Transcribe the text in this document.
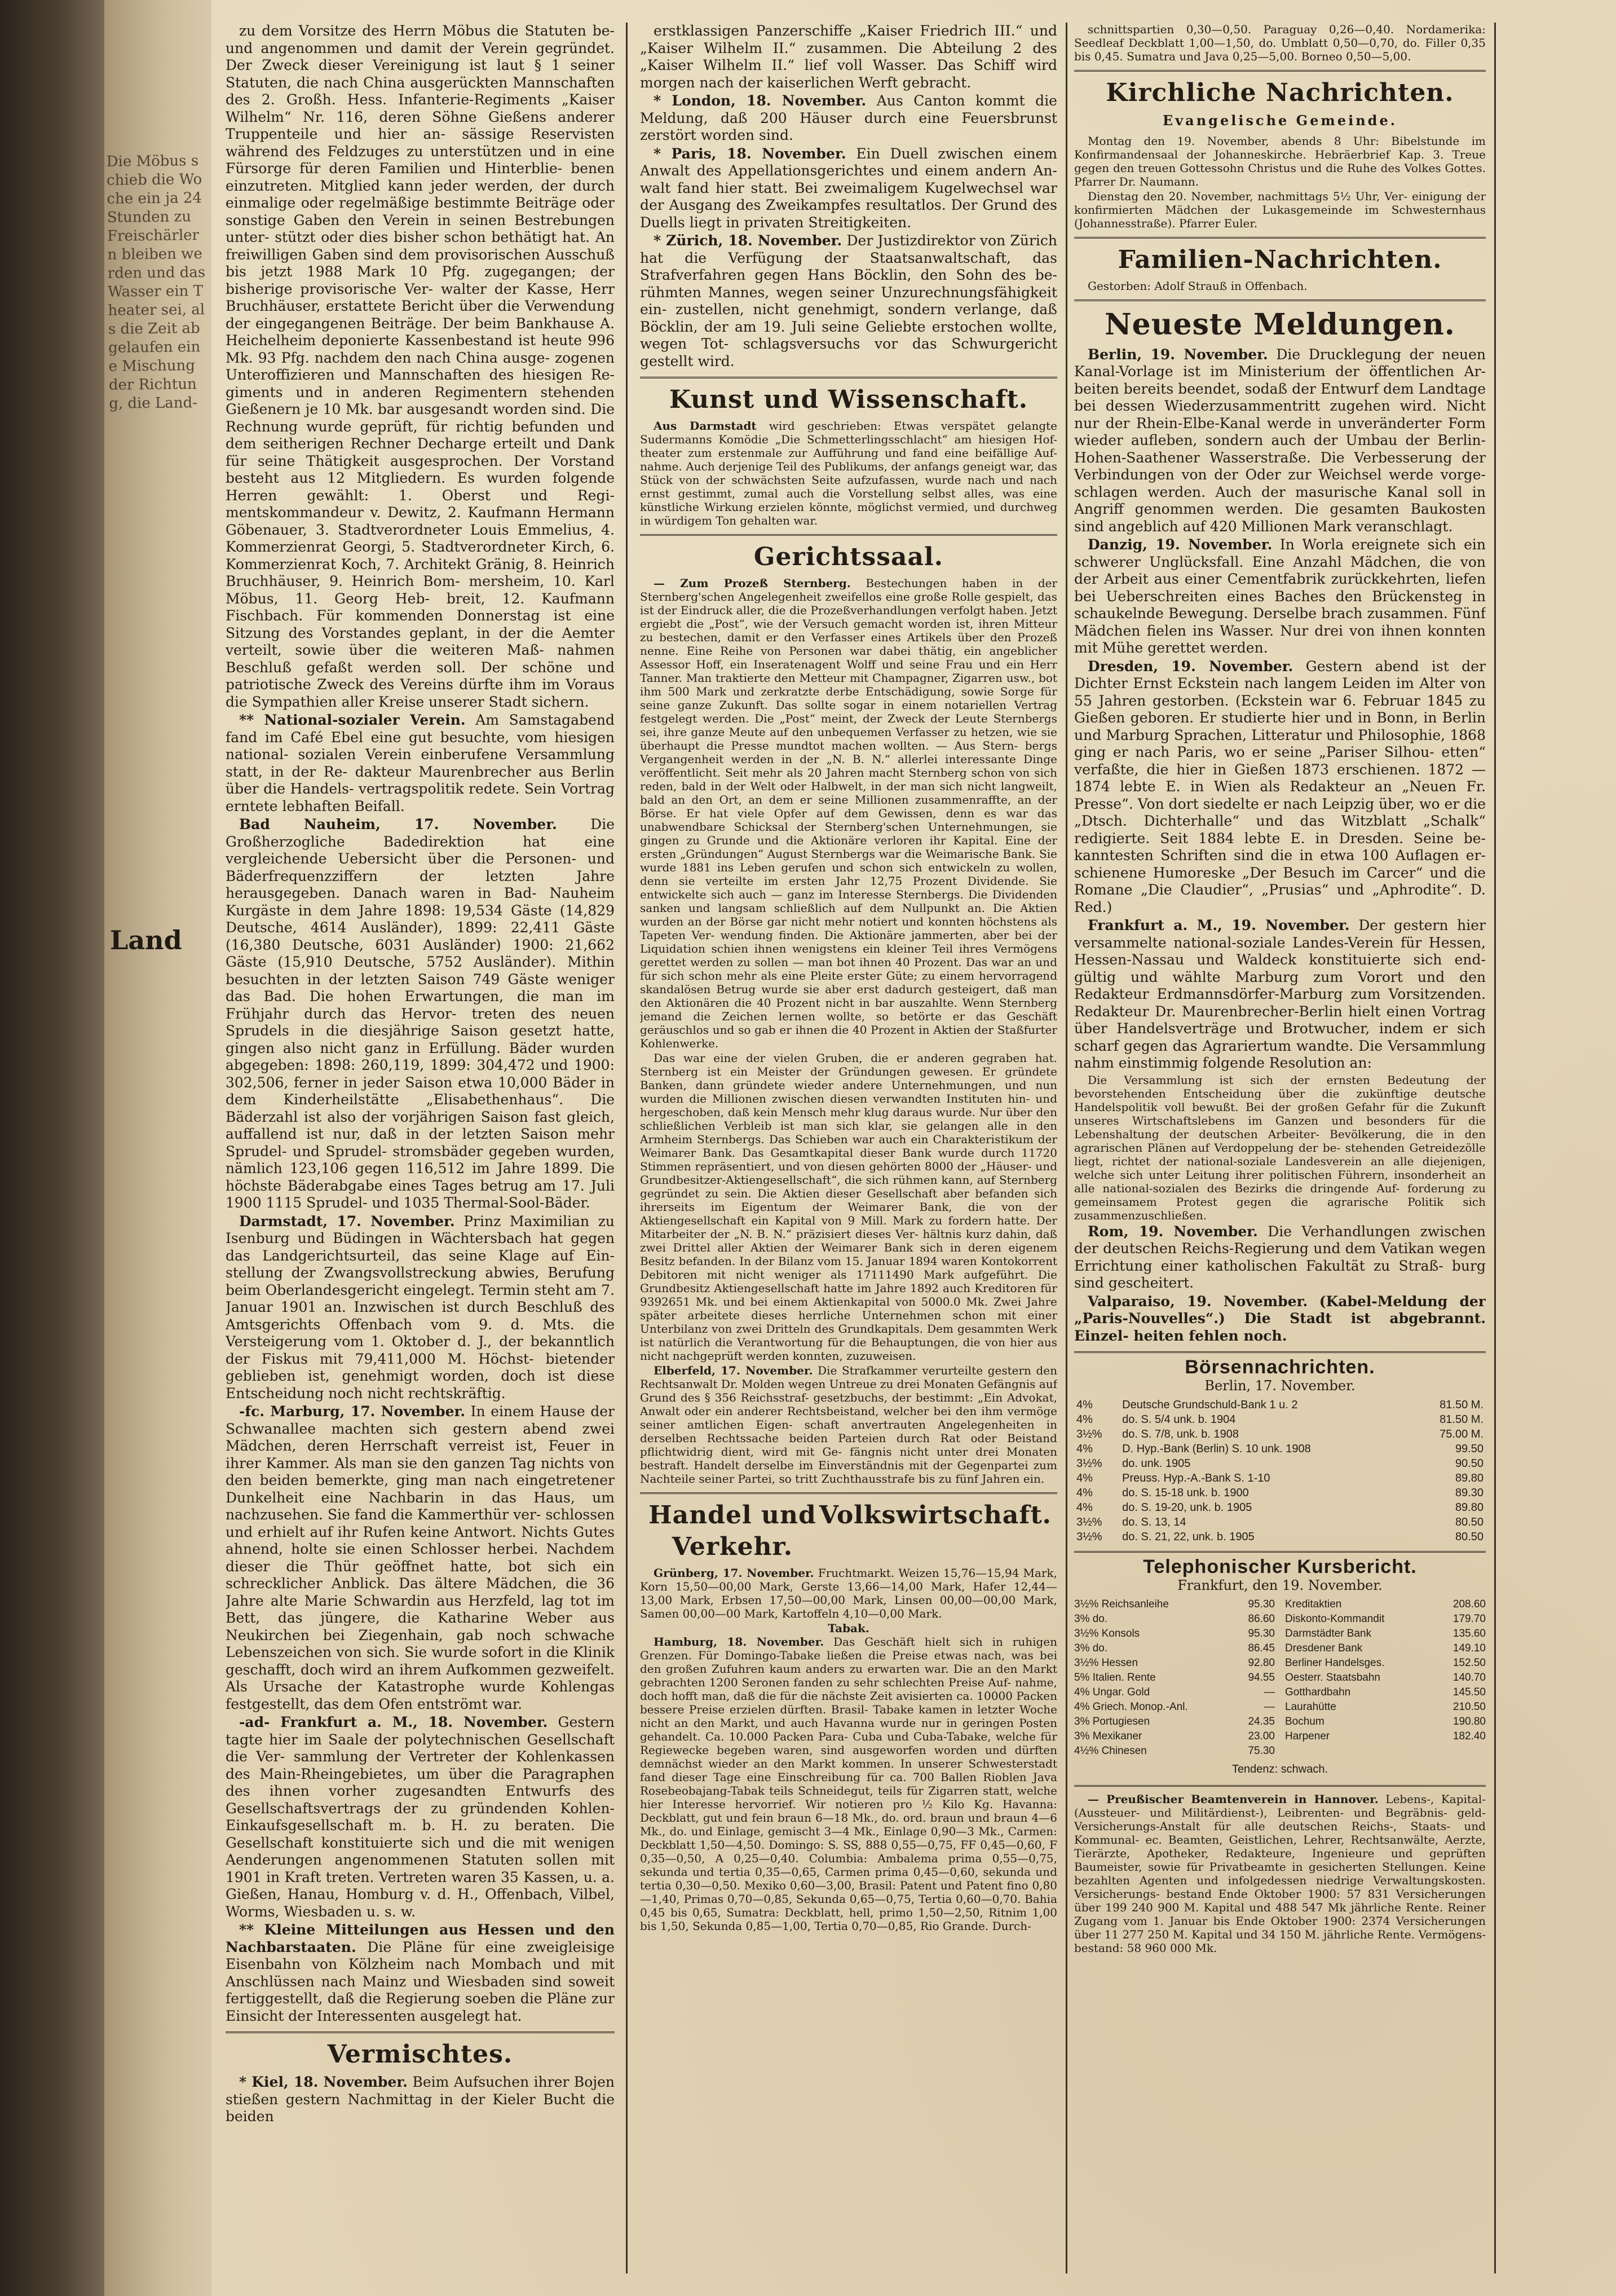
Die Möbus schieb die Woche ein ja 24 Stunden zu Freischärlern bleiben werden und das Wasser ein Theater sei, als die Zeit abgelaufen eine Mischung der Richtung, die Land-
Land

zu dem Vorsitze des Herrn Möbus die Statuten be- und angenommen und damit der Verein gegründet. Der Zweck dieser Vereinigung ist laut § 1 seiner Statuten, die nach China ausgerückten Mannschaften des 2. Großh. Hess. Infanterie-Regiments „Kaiser Wilhelm“ Nr. 116, deren Söhne Gießens anderer Truppenteile und hier an- sässige Reservisten während des Feldzuges zu unterstützen und in eine Fürsorge für deren Familien und Hinterblie- benen einzutreten. Mitglied kann jeder werden, der durch einmalige oder regelmäßige bestimmte Beiträge oder sonstige Gaben den Verein in seinen Bestrebungen unter- stützt oder dies bisher schon bethätigt hat. An freiwilligen Gaben sind dem provisorischen Ausschuß bis jetzt 1988 Mark 10 Pfg. zugegangen; der bisherige provisorische Ver- walter der Kasse, Herr Bruchhäuser, erstattete Bericht über die Verwendung der eingegangenen Beiträge. Der beim Bankhause A. Heichelheim deponierte Kassenbestand ist heute 996 Mk. 93 Pfg. nachdem den nach China ausge- zogenen Unteroffizieren und Mannschaften des hiesigen Re- giments und in anderen Regimentern stehenden Gießenern je 10 Mk. bar ausgesandt worden sind. Die Rechnung wurde geprüft, für richtig befunden und dem seitherigen Rechner Decharge erteilt und Dank für seine Thätigkeit ausgesprochen. Der Vorstand besteht aus 12 Mitgliedern. Es wurden folgende Herren gewählt: 1. Oberst und Regi- mentskommandeur v. Dewitz, 2. Kaufmann Hermann Göbenauer, 3. Stadtverordneter Louis Emmelius, 4. Kommerzienrat Georgi, 5. Stadtverordneter Kirch, 6. Kommerzienrat Koch, 7. Architekt Gränig, 8. Heinrich Bruchhäuser, 9. Heinrich Bom- mersheim, 10. Karl Möbus, 11. Georg Heb- breit, 12. Kaufmann Fischbach. Für kommenden Donnerstag ist eine Sitzung des Vorstandes geplant, in der die Aemter verteilt, sowie über die weiteren Maß- nahmen Beschluß gefaßt werden soll. Der schöne und patriotische Zweck des Vereins dürfte ihm im Voraus die Sympathien aller Kreise unserer Stadt sichern.

** National-sozialer Verein. Am Samstagabend fand im Café Ebel eine gut besuchte, vom hiesigen national- sozialen Verein einberufene Versammlung statt, in der Re- dakteur Maurenbrecher aus Berlin über die Handels- vertragspolitik redete. Sein Vortrag erntete lebhaften Beifall.

Bad Nauheim, 17. November. Die Großherzogliche Badedirektion hat eine vergleichende Uebersicht über die Personen- und Bäderfrequenzziffern der letzten Jahre herausgegeben. Danach waren in Bad- Nauheim Kurgäste in dem Jahre 1898: 19,534 Gäste (14,829 Deutsche, 4614 Ausländer), 1899: 22,411 Gäste (16,380 Deutsche, 6031 Ausländer) 1900: 21,662 Gäste (15,910 Deutsche, 5752 Ausländer). Mithin besuchten in der letzten Saison 749 Gäste weniger das Bad. Die hohen Erwartungen, die man im Frühjahr durch das Hervor- treten des neuen Sprudels in die diesjährige Saison gesetzt hatte, gingen also nicht ganz in Erfüllung. Bäder wurden abgegeben: 1898: 260,119, 1899: 304,472 und 1900: 302,506, ferner in jeder Saison etwa 10,000 Bäder in dem Kinderheilstätte „Elisabethenhaus“. Die Bäderzahl ist also der vorjährigen Saison fast gleich, auffallend ist nur, daß in der letzten Saison mehr Sprudel- und Sprudel- stromsbäder gegeben wurden, nämlich 123,106 gegen 116,512 im Jahre 1899. Die höchste Bäderabgabe eines Tages betrug am 17. Juli 1900 1115 Sprudel- und 1035 Thermal-Sool-Bäder.

Darmstadt, 17. November. Prinz Maximilian zu Isenburg und Büdingen in Wächtersbach hat gegen das Landgerichtsurteil, das seine Klage auf Ein- stellung der Zwangsvollstreckung abwies, Berufung beim Oberlandesgericht eingelegt. Termin steht am 7. Januar 1901 an. Inzwischen ist durch Beschluß des Amtsgerichts Offenbach vom 9. d. Mts. die Versteigerung vom 1. Oktober d. J., der bekanntlich der Fiskus mit 79,411,000 M. Höchst- bietender geblieben ist, genehmigt worden, doch ist diese Entscheidung noch nicht rechtskräftig.

-fc. Marburg, 17. November. In einem Hause der Schwanallee machten sich gestern abend zwei Mädchen, deren Herrschaft verreist ist, Feuer in ihrer Kammer. Als man sie den ganzen Tag nichts von den beiden bemerkte, ging man nach eingetretener Dunkelheit eine Nachbarin in das Haus, um nachzusehen. Sie fand die Kammerthür ver- schlossen und erhielt auf ihr Rufen keine Antwort. Nichts Gutes ahnend, holte sie einen Schlosser herbei. Nachdem dieser die Thür geöffnet hatte, bot sich ein schrecklicher Anblick. Das ältere Mädchen, die 36 Jahre alte Marie Schwardin aus Herzfeld, lag tot im Bett, das jüngere, die Katharine Weber aus Neukirchen bei Ziegenhain, gab noch schwache Lebenszeichen von sich. Sie wurde sofort in die Klinik geschafft, doch wird an ihrem Aufkommen gezweifelt. Als Ursache der Katastrophe wurde Kohlengas festgestellt, das dem Ofen entströmt war.

-ad- Frankfurt a. M., 18. November. Gestern tagte hier im Saale der polytechnischen Gesellschaft die Ver- sammlung der Vertreter der Kohlenkassen des Main-Rheingebietes, um über die Paragraphen des ihnen vorher zugesandten Entwurfs des Gesellschaftsvertrags der zu gründenden Kohlen-Einkaufsgesellschaft m. b. H. zu beraten. Die Gesellschaft konstituierte sich und die mit wenigen Aenderungen angenommenen Statuten sollen mit 1901 in Kraft treten. Vertreten waren 35 Kassen, u. a. Gießen, Hanau, Homburg v. d. H., Offenbach, Vilbel, Worms, Wiesbaden u. s. w.

** Kleine Mitteilungen aus Hessen und den Nachbarstaaten. Die Pläne für eine zweigleisige Eisenbahn von Kölzheim nach Mombach und mit Anschlüssen nach Mainz und Wiesbaden sind soweit fertiggestellt, daß die Regierung soeben die Pläne zur Einsicht der Interessenten ausgelegt hat.

Vermischtes.

* Kiel, 18. November. Beim Aufsuchen ihrer Bojen stießen gestern Nachmittag in der Kieler Bucht die beiden

erstklassigen Panzerschiffe „Kaiser Friedrich III.“ und „Kaiser Wilhelm II.“ zusammen. Die Abteilung 2 des „Kaiser Wilhelm II.“ lief voll Wasser. Das Schiff wird morgen nach der kaiserlichen Werft gebracht.

* London, 18. November. Aus Canton kommt die Meldung, daß 200 Häuser durch eine Feuersbrunst zerstört worden sind.

* Paris, 18. November. Ein Duell zwischen einem Anwalt des Appellationsgerichtes und einem andern An- walt fand hier statt. Bei zweimaligem Kugelwechsel war der Ausgang des Zweikampfes resultatlos. Der Grund des Duells liegt in privaten Streitigkeiten.

* Zürich, 18. November. Der Justizdirektor von Zürich hat die Verfügung der Staatsanwaltschaft, das Strafverfahren gegen Hans Böcklin, den Sohn des be- rühmten Mannes, wegen seiner Unzurechnungsfähigkeit ein- zustellen, nicht genehmigt, sondern verlange, daß Böcklin, der am 19. Juli seine Geliebte erstochen wollte, wegen Tot- schlagsversuchs vor das Schwurgericht gestellt wird.

Kunst und Wissenschaft.

Aus Darmstadt wird geschrieben: Etwas verspätet gelangte Sudermanns Komödie „Die Schmetterlingsschlacht“ am hiesigen Hof- theater zum erstenmale zur Aufführung und fand eine beifällige Auf- nahme. Auch derjenige Teil des Publikums, der anfangs geneigt war, das Stück von der schwächsten Seite aufzufassen, wurde nach und nach ernst gestimmt, zumal auch die Vorstellung selbst alles, was eine künstliche Wirkung erzielen könnte, möglichst vermied, und durchweg in würdigem Ton gehalten war.

Gerichtssaal.

— Zum Prozeß Sternberg. Bestechungen haben in der Sternberg'schen Angelegenheit zweifellos eine große Rolle gespielt, das ist der Eindruck aller, die die Prozeßverhandlungen verfolgt haben. Jetzt ergiebt die „Post“, wie der Versuch gemacht worden ist, ihren Mitteur zu bestechen, damit er den Verfasser eines Artikels über den Prozeß nenne. Eine Reihe von Personen war dabei thätig, ein angeblicher Assessor Hoff, ein Inseratenagent Wolff und seine Frau und ein Herr Tanner. Man traktierte den Metteur mit Champagner, Zigarren usw., bot ihm 500 Mark und zerkratzte derbe Entschädigung, sowie Sorge für seine ganze Zukunft. Das sollte sogar in einem notariellen Vertrag festgelegt werden. Die „Post“ meint, der Zweck der Leute Sternbergs sei, ihre ganze Meute auf den unbequemen Verfasser zu hetzen, wie sie überhaupt die Presse mundtot machen wollten. — Aus Stern- bergs Vergangenheit werden in der „N. B. N.“ allerlei interessante Dinge veröffentlicht. Seit mehr als 20 Jahren macht Sternberg schon von sich reden, bald in der Welt oder Halbwelt, in der man sich nicht langweilt, bald an den Ort, an dem er seine Millionen zusammenraffte, an der Börse. Er hat viele Opfer auf dem Gewissen, denn es war das unabwendbare Schicksal der Sternberg'schen Unternehmungen, sie gingen zu Grunde und die Aktionäre verloren ihr Kapital. Eine der ersten „Gründungen“ August Sternbergs war die Weimarische Bank. Sie wurde 1881 ins Leben gerufen und schon sich entwickeln zu wollen, denn sie verteilte im ersten Jahr 12,75 Prozent Dividende. Sie entwickelte sich auch — ganz im Interesse Sternbergs. Die Dividenden sanken und langsam schließlich auf dem Nullpunkt an. Die Aktien wurden an der Börse gar nicht mehr notiert und konnten höchstens als Tapeten Ver- wendung finden. Die Aktionäre jammerten, aber bei der Liquidation schien ihnen wenigstens ein kleiner Teil ihres Vermögens gerettet werden zu sollen — man bot ihnen 40 Prozent. Das war an und für sich schon mehr als eine Pleite erster Güte; zu einem hervorragend skandalösen Betrug wurde sie aber erst dadurch gesteigert, daß man den Aktionären die 40 Prozent nicht in bar auszahlte. Wenn Sternberg jemand die Zeichen lernen wollte, so betörte er das Geschäft geräuschlos und so gab er ihnen die 40 Prozent in Aktien der Staßfurter Kohlenwerke.

Das war eine der vielen Gruben, die er anderen gegraben hat. Sternberg ist ein Meister der Gründungen gewesen. Er gründete Banken, dann gründete wieder andere Unternehmungen, und nun wurden die Millionen zwischen diesen verwandten Instituten hin- und hergeschoben, daß kein Mensch mehr klug daraus wurde. Nur über den schließlichen Verbleib ist man sich klar, sie gelangen alle in den Armheim Sternbergs. Das Schieben war auch ein Charakteristikum der Weimarer Bank. Das Gesamtkapital dieser Bank wurde durch 11720 Stimmen repräsentiert, und von diesen gehörten 8000 der „Häuser- und Grundbesitzer-Aktiengesellschaft“, die sich rühmen kann, auf Sternberg gegründet zu sein. Die Aktien dieser Gesellschaft aber befanden sich ihrerseits im Eigentum der Weimarer Bank, die von der Aktiengesellschaft ein Kapital von 9 Mill. Mark zu fordern hatte. Der Mitarbeiter der „N. B. N.“ präzisiert dieses Ver- hältnis kurz dahin, daß zwei Drittel aller Aktien der Weimarer Bank sich in deren eigenem Besitz befanden. In der Bilanz vom 15. Januar 1894 waren Kontokorrent Debitoren mit nicht weniger als 17111490 Mark aufgeführt. Die Grundbesitz Aktiengesellschaft hatte im Jahre 1892 auch Kreditoren für 9392651 Mk. und bei einem Aktienkapital von 5000.0 Mk. Zwei Jahre später arbeitete dieses herrliche Unternehmen schon mit einer Unterbilanz von zwei Dritteln des Grundkapitals. Dem gesammten Werk ist natürlich die Verantwortung für die Behauptungen, die von hier aus nicht nachgeprüft werden konnten, zuzuweisen.

Elberfeld, 17. November. Die Strafkammer verurteilte gestern den Rechtsanwalt Dr. Molden wegen Untreue zu drei Monaten Gefängnis auf Grund des § 356 Reichsstraf- gesetzbuchs, der bestimmt: „Ein Advokat, Anwalt oder ein anderer Rechtsbeistand, welcher bei den ihm vermöge seiner amtlichen Eigen- schaft anvertrauten Angelegenheiten in derselben Rechtssache beiden Parteien durch Rat oder Beistand pflichtwidrig dient, wird mit Ge- fängnis nicht unter drei Monaten bestraft. Handelt derselbe im Einverständnis mit der Gegenpartei zum Nachteile seiner Partei, so tritt Zuchthausstrafe bis zu fünf Jahren ein.

Handel und Verkehr.
Volkswirtschaft.

Grünberg, 17. November. Fruchtmarkt. Weizen 15,76—15,94 Mark, Korn 15,50—00,00 Mark, Gerste 13,66—14,00 Mark, Hafer 12,44—13,00 Mark, Erbsen 17,50—00,00 Mark, Linsen 00,00—00,00 Mark, Samen 00,00—00 Mark, Kartoffeln 4,10—0,00 Mark.

Tabak.

Hamburg, 18. November. Das Geschäft hielt sich in ruhigen Grenzen. Für Domingo-Tabake ließen die Preise etwas nach, was bei den großen Zufuhren kaum anders zu erwarten war. Die an den Markt gebrachten 1200 Seronen fanden zu sehr schlechten Preise Auf- nahme, doch hofft man, daß die für die nächste Zeit avisierten ca. 10000 Packen bessere Preise erzielen dürften. Brasil- Tabake kamen in letzter Woche nicht an den Markt, und auch Havanna wurde nur in geringen Posten gehandelt. Ca. 10.000 Packen Para- Cuba und Cuba-Tabake, welche für Regiewecke begeben waren, sind ausgeworfen worden und dürften demnächst wieder an den Markt kommen. In unserer Schwesterstadt fand dieser Tage eine Einschreibung für ca. 700 Ballen Rioblen Java Rosebeobajang-Tabak teils Schneidegut, teils für Zigarren statt, welche hier Interesse hervorrief. Wir notieren pro ½ Kilo Kg. Havanna: Deckblatt, gut und fein braun 6—18 Mk., do. ord. braun und braun 4—6 Mk., do. und Einlage, gemischt 3—4 Mk., Einlage 0,90—3 Mk., Carmen: Deckblatt 1,50—4,50. Domingo: S. SS, 888 0,55—0,75, FF 0,45—0,60, F 0,35—0,50, A 0,25—0,40. Columbia: Ambalema prima 0,55—0,75, sekunda und tertia 0,35—0,65, Carmen prima 0,45—0,60, sekunda und tertia 0,30—0,50. Mexiko 0,60—3,00, Brasil: Patent und Patent fino 0,80—1,40, Primas 0,70—0,85, Sekunda 0,65—0,75, Tertia 0,60—0,70. Bahia 0,45 bis 0,65, Sumatra: Deckblatt, hell, primo 1,50—2,50, Ritnim 1,00 bis 1,50, Sekunda 0,85—1,00, Tertia 0,70—0,85, Rio Grande. Durch-

schnittspartien 0,30—0,50. Paraguay 0,26—0,40. Nordamerika: Seedleaf Deckblatt 1,00—1,50, do. Umblatt 0,50—0,70, do. Filler 0,35 bis 0,45. Sumatra und Java 0,25—5,00. Borneo 0,50—5,00.

Kirchliche Nachrichten.
Evangelische Gemeinde.

Montag den 19. November, abends 8 Uhr: Bibelstunde im Konfirmandensaal der Johanneskirche. Hebräerbrief Kap. 3. Treue gegen den treuen Gottessohn Christus und die Ruhe des Volkes Gottes. Pfarrer Dr. Naumann.

Dienstag den 20. November, nachmittags 5½ Uhr, Ver- einigung der konfirmierten Mädchen der Lukasgemeinde im Schwesternhaus (Johannesstraße). Pfarrer Euler.

Familien-Nachrichten.

Gestorben: Adolf Strauß in Offenbach.

Neueste Meldungen.

Berlin, 19. November. Die Drucklegung der neuen Kanal-Vorlage ist im Ministerium der öffentlichen Ar- beiten bereits beendet, sodaß der Entwurf dem Landtage bei dessen Wiederzusammentritt zugehen wird. Nicht nur der Rhein-Elbe-Kanal werde in unveränderter Form wieder aufleben, sondern auch der Umbau der Berlin- Hohen-Saathener Wasserstraße. Die Verbesserung der Verbindungen von der Oder zur Weichsel werde vorge- schlagen werden. Auch der masurische Kanal soll in Angriff genommen werden. Die gesamten Baukosten sind angeblich auf 420 Millionen Mark veranschlagt.

Danzig, 19. November. In Worla ereignete sich ein schwerer Unglücksfall. Eine Anzahl Mädchen, die von der Arbeit aus einer Cementfabrik zurückkehrten, liefen bei Ueberschreiten eines Baches den Brückensteg in schaukelnde Bewegung. Derselbe brach zusammen. Fünf Mädchen fielen ins Wasser. Nur drei von ihnen konnten mit Mühe gerettet werden.

Dresden, 19. November. Gestern abend ist der Dichter Ernst Eckstein nach langem Leiden im Alter von 55 Jahren gestorben. (Eckstein war 6. Februar 1845 zu Gießen geboren. Er studierte hier und in Bonn, in Berlin und Marburg Sprachen, Litteratur und Philosophie, 1868 ging er nach Paris, wo er seine „Pariser Silhou- etten“ verfaßte, die hier in Gießen 1873 erschienen. 1872 — 1874 lebte E. in Wien als Redakteur an „Neuen Fr. Presse“. Von dort siedelte er nach Leipzig über, wo er die „Dtsch. Dichterhalle“ und das Witzblatt „Schalk“ redigierte. Seit 1884 lebte E. in Dresden. Seine be- kanntesten Schriften sind die in etwa 100 Auflagen er- schienene Humoreske „Der Besuch im Carcer“ und die Romane „Die Claudier“, „Prusias“ und „Aphrodite“. D. Red.)

Frankfurt a. M., 19. November. Der gestern hier versammelte national-soziale Landes-Verein für Hessen, Hessen-Nassau und Waldeck konstituierte sich end- gültig und wählte Marburg zum Vorort und den Redakteur Erdmannsdörfer-Marburg zum Vorsitzenden. Redakteur Dr. Maurenbrecher-Berlin hielt einen Vortrag über Handelsverträge und Brotwucher, indem er sich scharf gegen das Agrariertum wandte. Die Versammlung nahm einstimmig folgende Resolution an:

Die Versammlung ist sich der ernsten Bedeutung der bevorstehenden Entscheidung über die zukünftige deutsche Handelspolitik voll bewußt. Bei der großen Gefahr für die Zukunft unseres Wirtschaftslebens im Ganzen und besonders für die Lebenshaltung der deutschen Arbeiter- Bevölkerung, die in den agrarischen Plänen auf Verdoppelung der be- stehenden Getreidezölle liegt, richtet der national-soziale Landesverein an alle diejenigen, welche sich unter Leitung ihrer politischen Führern, insonderheit an alle national-sozialen des Bezirks die dringende Auf- forderung zu gemeinsamem Protest gegen die agrarische Politik sich zusammenzuschließen.

Rom, 19. November. Die Verhandlungen zwischen der deutschen Reichs-Regierung und dem Vatikan wegen Errichtung einer katholischen Fakultät zu Straß- burg sind gescheitert.

Valparaiso, 19. November. (Kabel-Meldung der „Paris-Nouvelles“.) Die Stadt ist abgebrannt. Einzel- heiten fehlen noch.

Börsennachrichten.
Berlin, 17. November.
4%	Deutsche Grundschuld-Bank 1 u. 2	81.50 M.
4%	do. S. 5/4 unk. b. 1904	81.50 M.
3½%	do. S. 7/8, unk. b. 1908	75.00 M.
4%	D. Hyp.-Bank (Berlin) S. 10 unk. 1908	99.50
3½%	do. unk. 1905	90.50
4%	Preuss. Hyp.-A.-Bank S. 1-10	89.80
4%	do. S. 15-18 unk. b. 1900	89.30
4%	do. S. 19-20, unk. b. 1905	89.80
3½%	do. S. 13, 14	80.50
3½%	do. S. 21, 22, unk. b. 1905	80.50
Telephonischer Kursbericht.
Frankfurt, den 19. November.
3½% Reichsanleihe	95.30
3% do.	86.60
3½% Konsols	95.30
3% do.	86.45
3½% Hessen	92.80
5% Italien. Rente	94.55
4% Ungar. Gold	—
4% Griech. Monop.-Anl.	—
3% Portugiesen	24.35
3% Mexikaner	23.00
4½% Chinesen	75.30
Kreditaktien	208.60
Diskonto-Kommandit	179.70
Darmstädter Bank	135.60
Dresdener Bank	149.10
Berliner Handelsges.	152.50
Oesterr. Staatsbahn	140.70
Gotthardbahn	145.50
Laurahütte	210.50
Bochum	190.80
Harpener	182.40
Tendenz: schwach.

— Preußischer Beamtenverein in Hannover. Lebens-, Kapital- (Aussteuer- und Militärdienst-), Leibrenten- und Begräbnis- geld-Versicherungs-Anstalt für alle deutschen Reichs-, Staats- und Kommunal- ec. Beamten, Geistlichen, Lehrer, Rechtsanwälte, Aerzte, Tierärzte, Apotheker, Redakteure, Ingenieure und geprüften Baumeister, sowie für Privatbeamte in gesicherten Stellungen. Keine bezahlten Agenten und infolgedessen niedrige Verwaltungskosten. Versicherungs- bestand Ende Oktober 1900: 57 831 Versicherungen über 199 240 900 M. Kapital und 488 547 Mk jährliche Rente. Reiner Zugang vom 1. Januar bis Ende Oktober 1900: 2374 Versicherungen über 11 277 250 M. Kapital und 34 150 M. jährliche Rente. Vermögens- bestand: 58 960 000 Mk.
